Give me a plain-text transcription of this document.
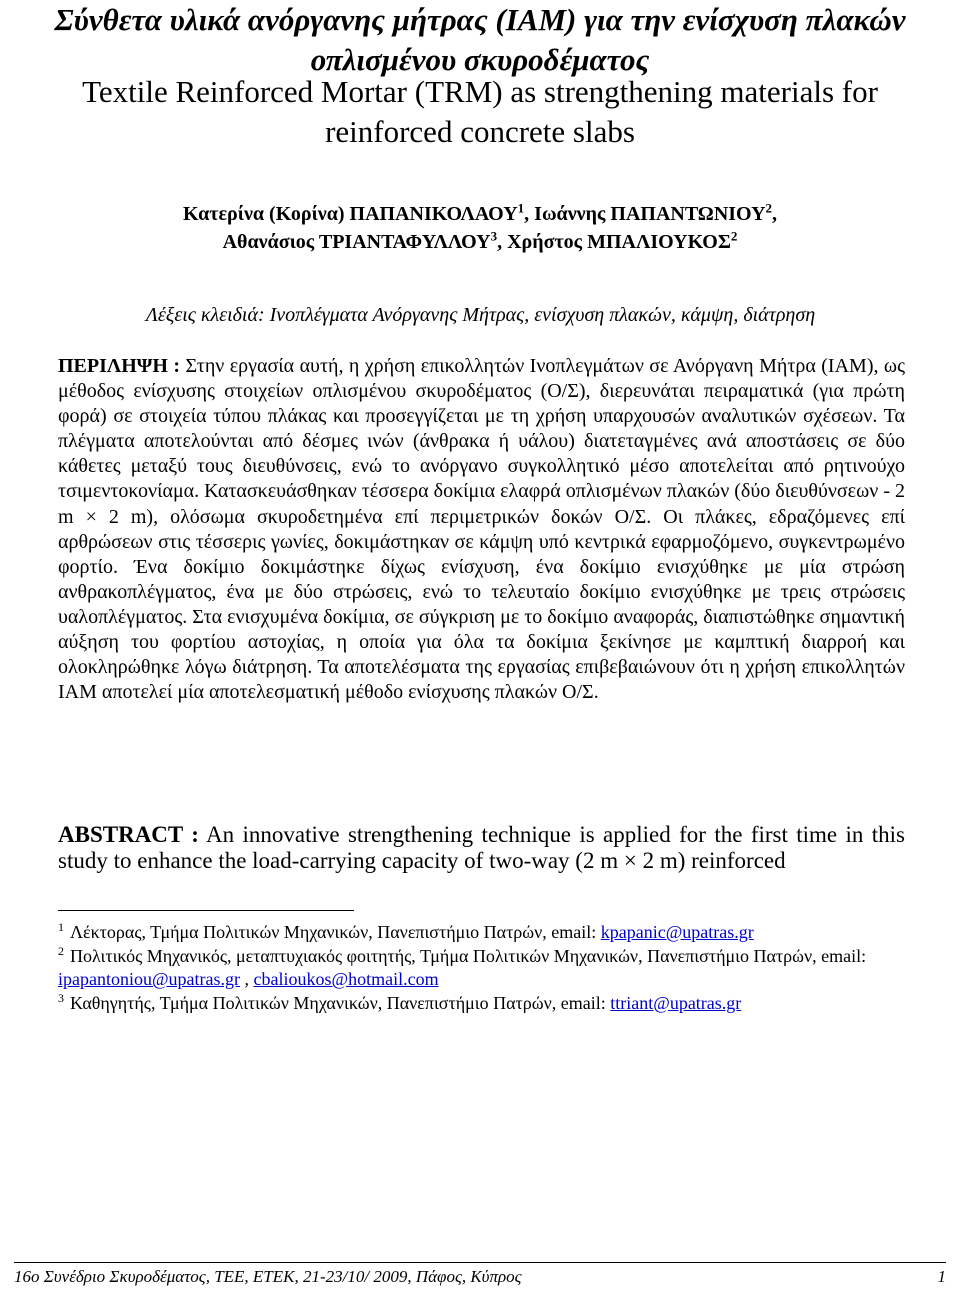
Σύνθετα υλικά ανόργανης μήτρας (ΙΑΜ) για την ενίσχυση πλακών οπλισμένου σκυροδέματος
Textile Reinforced Mortar (TRM) as strengthening materials for reinforced concrete slabs
Κατερίνα (Κορίνα) ΠΑΠΑΝΙΚΟΛΑΟΥ$^1$, Ιωάννης ΠΑΠΑΝΤΩΝΙΟΥ$^2$,
Αθανάσιος ΤΡΙΑΝΤΑΦΥΛΛΟΥ$^3$, Χρήστος ΜΠΑΛΙΟΥΚΟΣ$^2$
Λέξεις κλειδιά: Ινοπλέγματα Ανόργανης Μήτρας, ενίσχυση πλακών, κάμψη, διάτρηση
ΠΕΡΙΛΗΨΗ : Στην εργασία αυτή, η χρήση επικολλητών Ινοπλεγμάτων σε Ανόργανη Μήτρα (ΙΑΜ), ως μέθοδος ενίσχυσης στοιχείων οπλισμένου σκυροδέματος (Ο/Σ), διερευνάται πειραματικά (για πρώτη φορά) σε στοιχεία τύπου πλάκας και προσεγγίζεται με τη χρήση υπαρχουσών αναλυτικών σχέσεων. Τα πλέγματα αποτελούνται από δέσμες ινών (άνθρακα ή υάλου) διατεταγμένες ανά αποστάσεις σε δύο κάθετες μεταξύ τους διευθύνσεις, ενώ το ανόργανο συγκολλητικό μέσο αποτελείται από ρητινούχο τσιμεντοκονίαμα. Κατασκευάσθηκαν τέσσερα δοκίμια ελαφρά οπλισμένων πλακών (δύο διευθύνσεων - 2 m × 2 m), ολόσωμα σκυροδετημένα επί περιμετρικών δοκών Ο/Σ. Οι πλάκες, εδραζόμενες επί αρθρώσεων στις τέσσερις γωνίες, δοκιμάστηκαν σε κάμψη υπό κεντρικά εφαρμοζόμενο, συγκεντρωμένο φορτίο. Ένα δοκίμιο δοκιμάστηκε δίχως ενίσχυση, ένα δοκίμιο ενισχύθηκε με μία στρώση ανθρακοπλέγματος, ένα με δύο στρώσεις, ενώ το τελευταίο δοκίμιο ενισχύθηκε με τρεις στρώσεις υαλοπλέγματος. Στα ενισχυμένα δοκίμια, σε σύγκριση με το δοκίμιο αναφοράς, διαπιστώθηκε σημαντική αύξηση του φορτίου αστοχίας, η οποία για όλα τα δοκίμια ξεκίνησε με καμπτική διαρροή και ολοκληρώθηκε λόγω διάτρηση. Τα αποτελέσματα της εργασίας επιβεβαιώνουν ότι η χρήση επικολλητών ΙΑΜ αποτελεί μία αποτελεσματική μέθοδο ενίσχυσης πλακών Ο/Σ.
ABSTRACT : An innovative strengthening technique is applied for the first time in this study to enhance the load-carrying capacity of two-way (2 m × 2 m) reinforced

$^1$ Λέκτορας, Τμήμα Πολιτικών Μηχανικών, Πανεπιστήμιο Πατρών, email: kpapanic@upatras.gr

$^2$ Πολιτικός Μηχανικός, μεταπτυχιακός φοιτητής, Τμήμα Πολιτικών Μηχανικών, Πανεπιστήμιο Πατρών, email: ipapantoniou@upatras.gr , cbalioukos@hotmail.com

$^3$ Καθηγητής, Τμήμα Πολιτικών Μηχανικών, Πανεπιστήμιο Πατρών, email: ttriant@upatras.gr

16o Συνέδριο Σκυροδέματος, ΤΕΕ, ΕΤΕΚ, 21-23/10/ 2009, Πάφος, Κύπρος	1
